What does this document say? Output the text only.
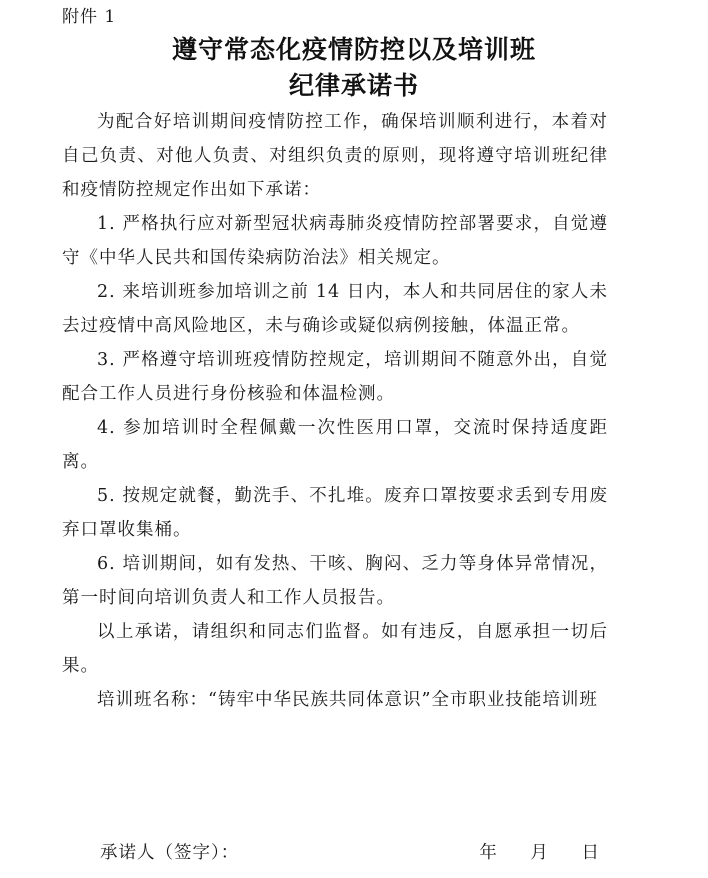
附件 1
遵守常态化疫情防控以及培训班
纪律承诺书

为配合好培训期间疫情防控工作，确保培训顺利进行，本着对自己负责、对他人负责、对组织负责的原则，现将遵守培训班纪律和疫情防控规定作出如下承诺：

1. 严格执行应对新型冠状病毒肺炎疫情防控部署要求，自觉遵守《中华人民共和国传染病防治法》相关规定。

2. 来培训班参加培训之前 14 日内，本人和共同居住的家人未去过疫情中高风险地区，未与确诊或疑似病例接触，体温正常。

3. 严格遵守培训班疫情防控规定，培训期间不随意外出，自觉配合工作人员进行身份核验和体温检测。

4. 参加培训时全程佩戴一次性医用口罩，交流时保持适度距离。

5. 按规定就餐，勤洗手、不扎堆。废弃口罩按要求丢到专用废弃口罩收集桶。

6. 培训期间，如有发热、干咳、胸闷、乏力等身体异常情况，第一时间向培训负责人和工作人员报告。

以上承诺，请组织和同志们监督。如有违反，自愿承担一切后果。

培训班名称：“铸牢中华民族共同体意识”全市职业技能培训班

承诺人（签字）：	年 月 日
